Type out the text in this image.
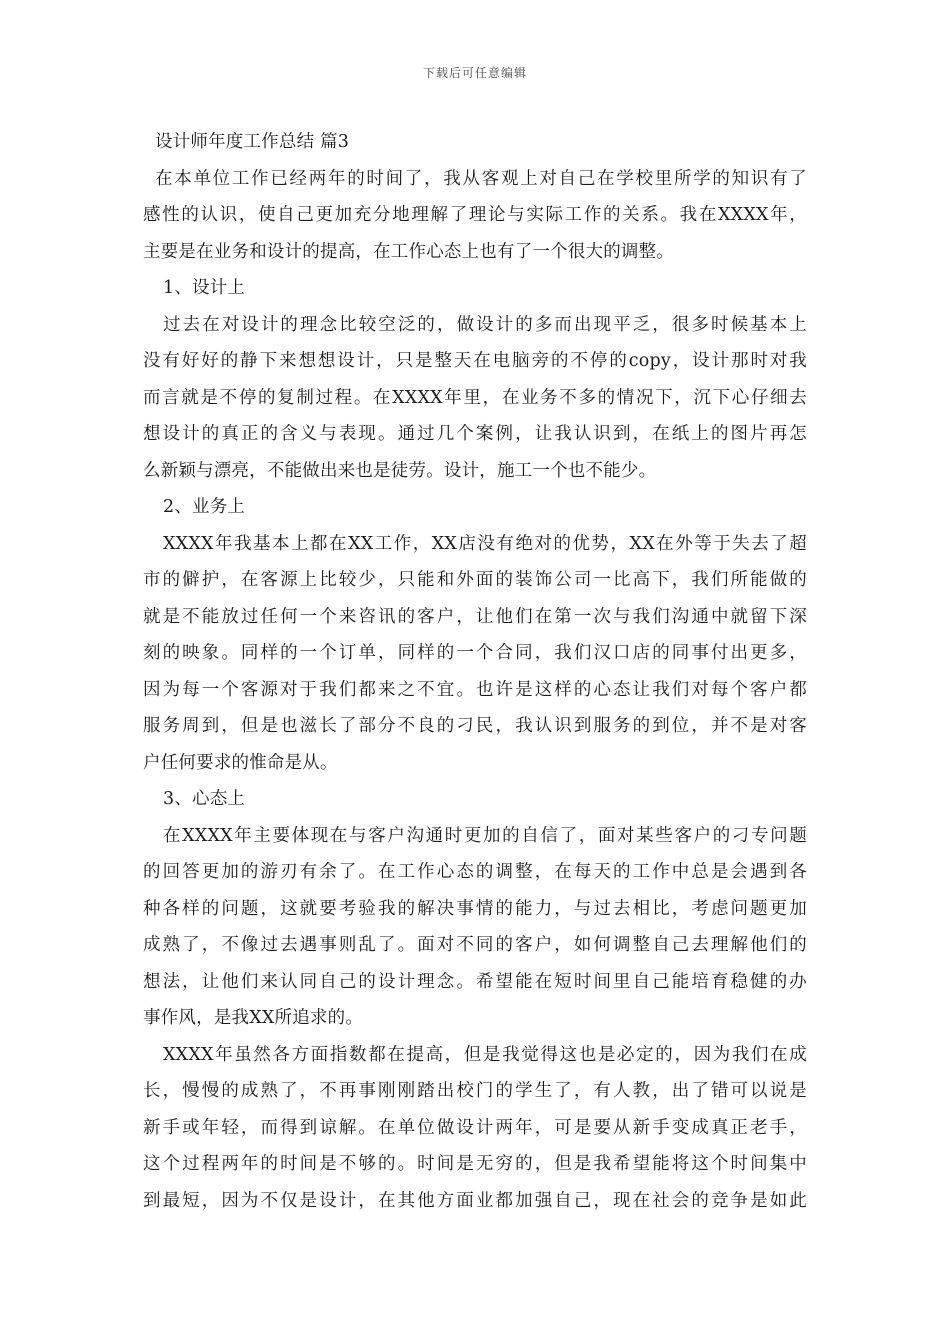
下载后可任意编辑
设计师年度工作总结 篇3
在本单位工作已经两年的时间了，我从客观上对自己在学校里所学的知识有了
感性的认识，使自己更加充分地理解了理论与实际工作的关系。我在XXXX年，
主要是在业务和设计的提高，在工作心态上也有了一个很大的调整。
1、设计上
过去在对设计的理念比较空泛的，做设计的多而出现平乏，很多时候基本上
没有好好的静下来想想设计，只是整天在电脑旁的不停的copy，设计那时对我
而言就是不停的复制过程。在XXXX年里，在业务不多的情况下，沉下心仔细去
想设计的真正的含义与表现。通过几个案例，让我认识到，在纸上的图片再怎
么新颖与漂亮，不能做出来也是徒劳。设计，施工一个也不能少。
2、业务上
XXXX年我基本上都在XX工作，XX店没有绝对的优势，XX在外等于失去了超
市的僻护，在客源上比较少，只能和外面的装饰公司一比高下，我们所能做的
就是不能放过任何一个来咨讯的客户，让他们在第一次与我们沟通中就留下深
刻的映象。同样的一个订单，同样的一个合同，我们汉口店的同事付出更多，
因为每一个客源对于我们都来之不宜。也许是这样的心态让我们对每个客户都
服务周到，但是也滋长了部分不良的刁民，我认识到服务的到位，并不是对客
户任何要求的惟命是从。
3、心态上
在XXXX年主要体现在与客户沟通时更加的自信了，面对某些客户的刁专问题
的回答更加的游刃有余了。在工作心态的调整，在每天的工作中总是会遇到各
种各样的问题，这就要考验我的解决事情的能力，与过去相比，考虑问题更加
成熟了，不像过去遇事则乱了。面对不同的客户，如何调整自己去理解他们的
想法，让他们来认同自己的设计理念。希望能在短时间里自己能培育稳健的办
事作风，是我XX所追求的。
XXXX年虽然各方面指数都在提高，但是我觉得这也是必定的，因为我们在成
长，慢慢的成熟了，不再事刚刚踏出校门的学生了，有人教，出了错可以说是
新手或年轻，而得到谅解。在单位做设计两年，可是要从新手变成真正老手，
这个过程两年的时间是不够的。时间是无穷的，但是我希望能将这个时间集中
到最短，因为不仅是设计，在其他方面业都加强自己，现在社会的竞争是如此
